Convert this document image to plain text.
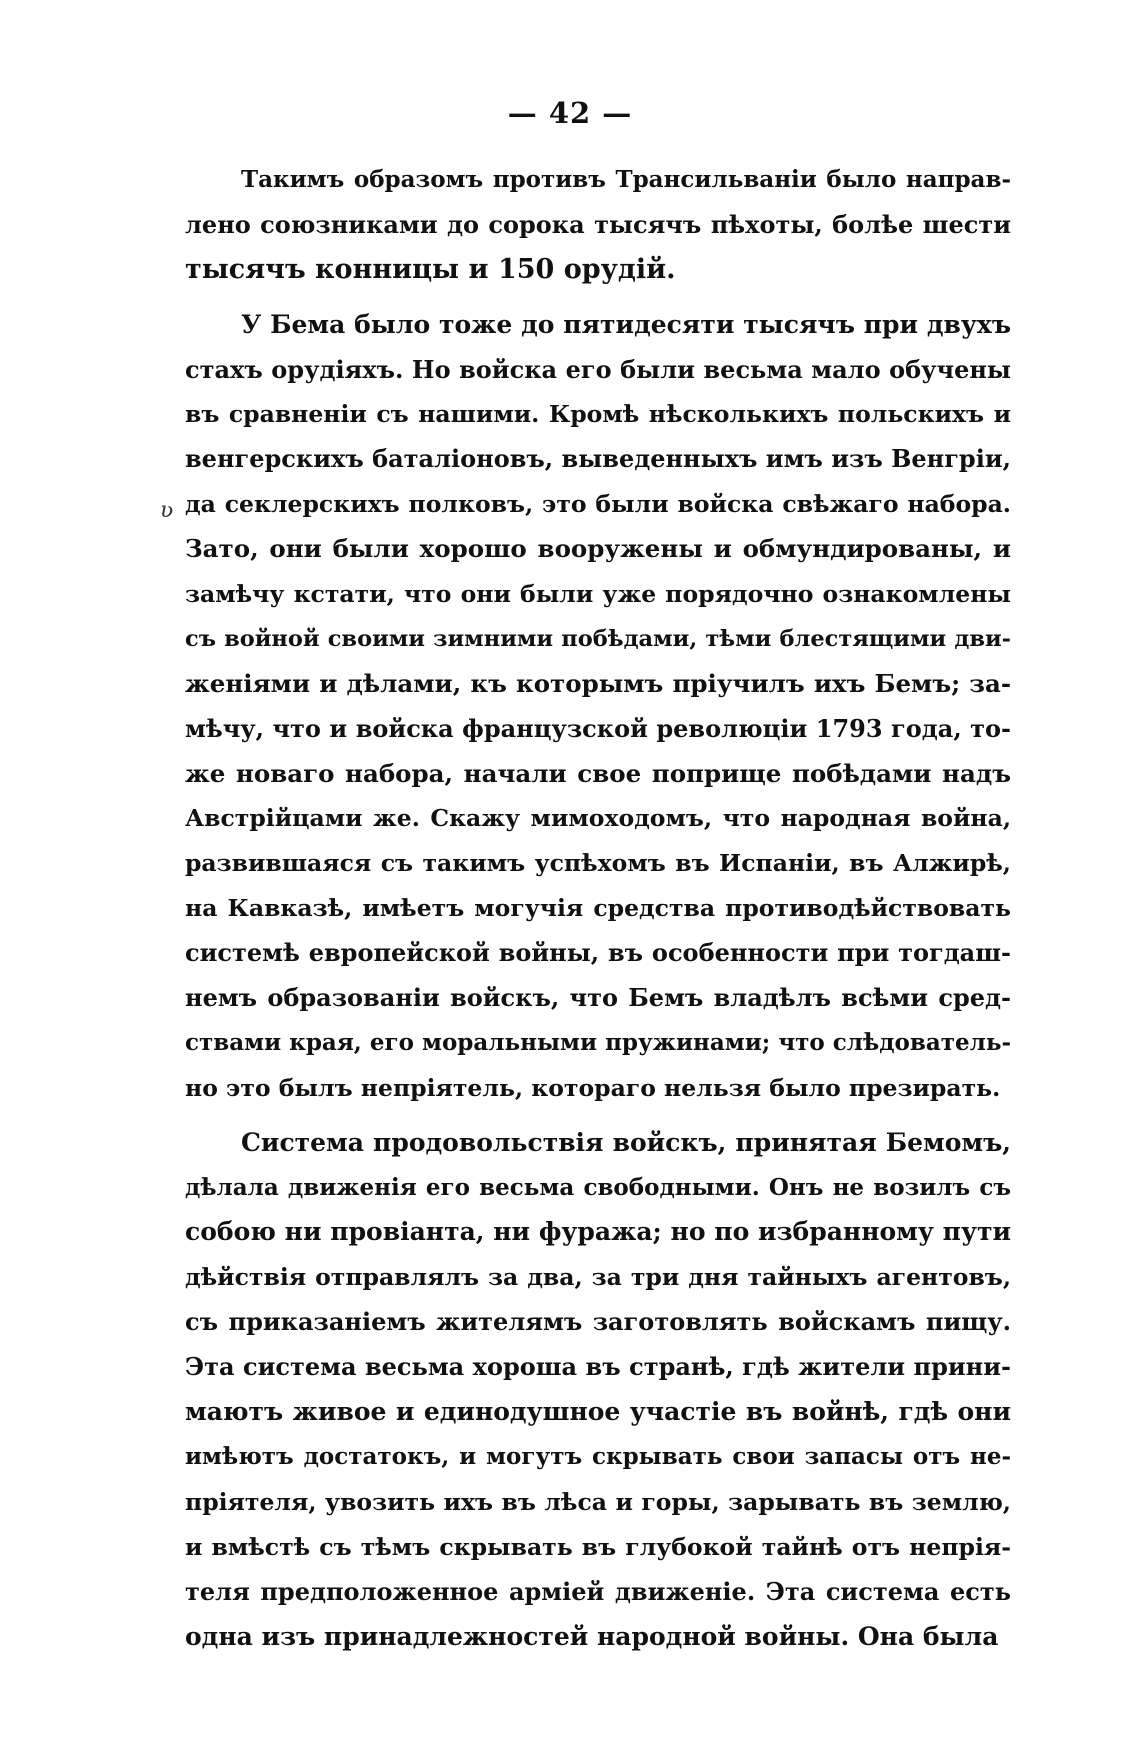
— 42 —
ʋ
Такимъ образомъ противъ Трансильванiи было направ-
лено союзниками до сорока тысячъ пѣхоты, болѣе шести
тысячъ конницы и 150 орудiй.
У Бема было тоже до пятидесяти тысячъ при двухъ
стахъ орудiяхъ. Но войска его были весьма мало обучены
въ сравненiи съ нашими. Кромѣ нѣсколькихъ польскихъ и
венгерскихъ баталiоновъ, выведенныхъ имъ изъ Венгрiи,
да секлерскихъ полковъ, это были войска свѣжаго набора.
Зато, они были хорошо вооружены и обмундированы, и
замѣчу кстати, что они были уже порядочно ознакомлены
съ войной своими зимними побѣдами, тѣми блестящими дви-
женiями и дѣлами, къ которымъ прiучилъ ихъ Бемъ; за-
мѣчу, что и войска французской революцiи 1793 года, то-
же новаго набора, начали свое поприще побѣдами надъ
Австрiйцами же. Скажу мимоходомъ, что народная война,
развившаяся съ такимъ успѣхомъ въ Испанiи, въ Алжирѣ,
на Кавказѣ, имѣетъ могучiя средства противодѣйствовать
системѣ европейской войны, въ особенности при тогдаш-
немъ образованiи войскъ, что Бемъ владѣлъ всѣми сред-
ствами края, его моральными пружинами; что слѣдователь-
но это былъ непрiятель, котораго нельзя было презирать.
Система продовольствiя войскъ, принятая Бемомъ,
дѣлала движенiя его весьма свободными. Онъ не возилъ съ
собою ни провiанта, ни фуража; но по избранному пути
дѣйствiя отправлялъ за два, за три дня тайныхъ агентовъ,
съ приказанiемъ жителямъ заготовлять войскамъ пищу.
Эта система весьма хороша въ странѣ, гдѣ жители прини-
маютъ живое и единодушное участiе въ войнѣ, гдѣ они
имѣютъ достатокъ, и могутъ скрывать свои запасы отъ не-
прiятеля, увозить ихъ въ лѣса и горы, зарывать въ землю,
и вмѣстѣ съ тѣмъ скрывать въ глубокой тайнѣ отъ непрiя-
теля предположенное армiей движенiе. Эта система есть
одна изъ принадлежностей народной войны. Она была
